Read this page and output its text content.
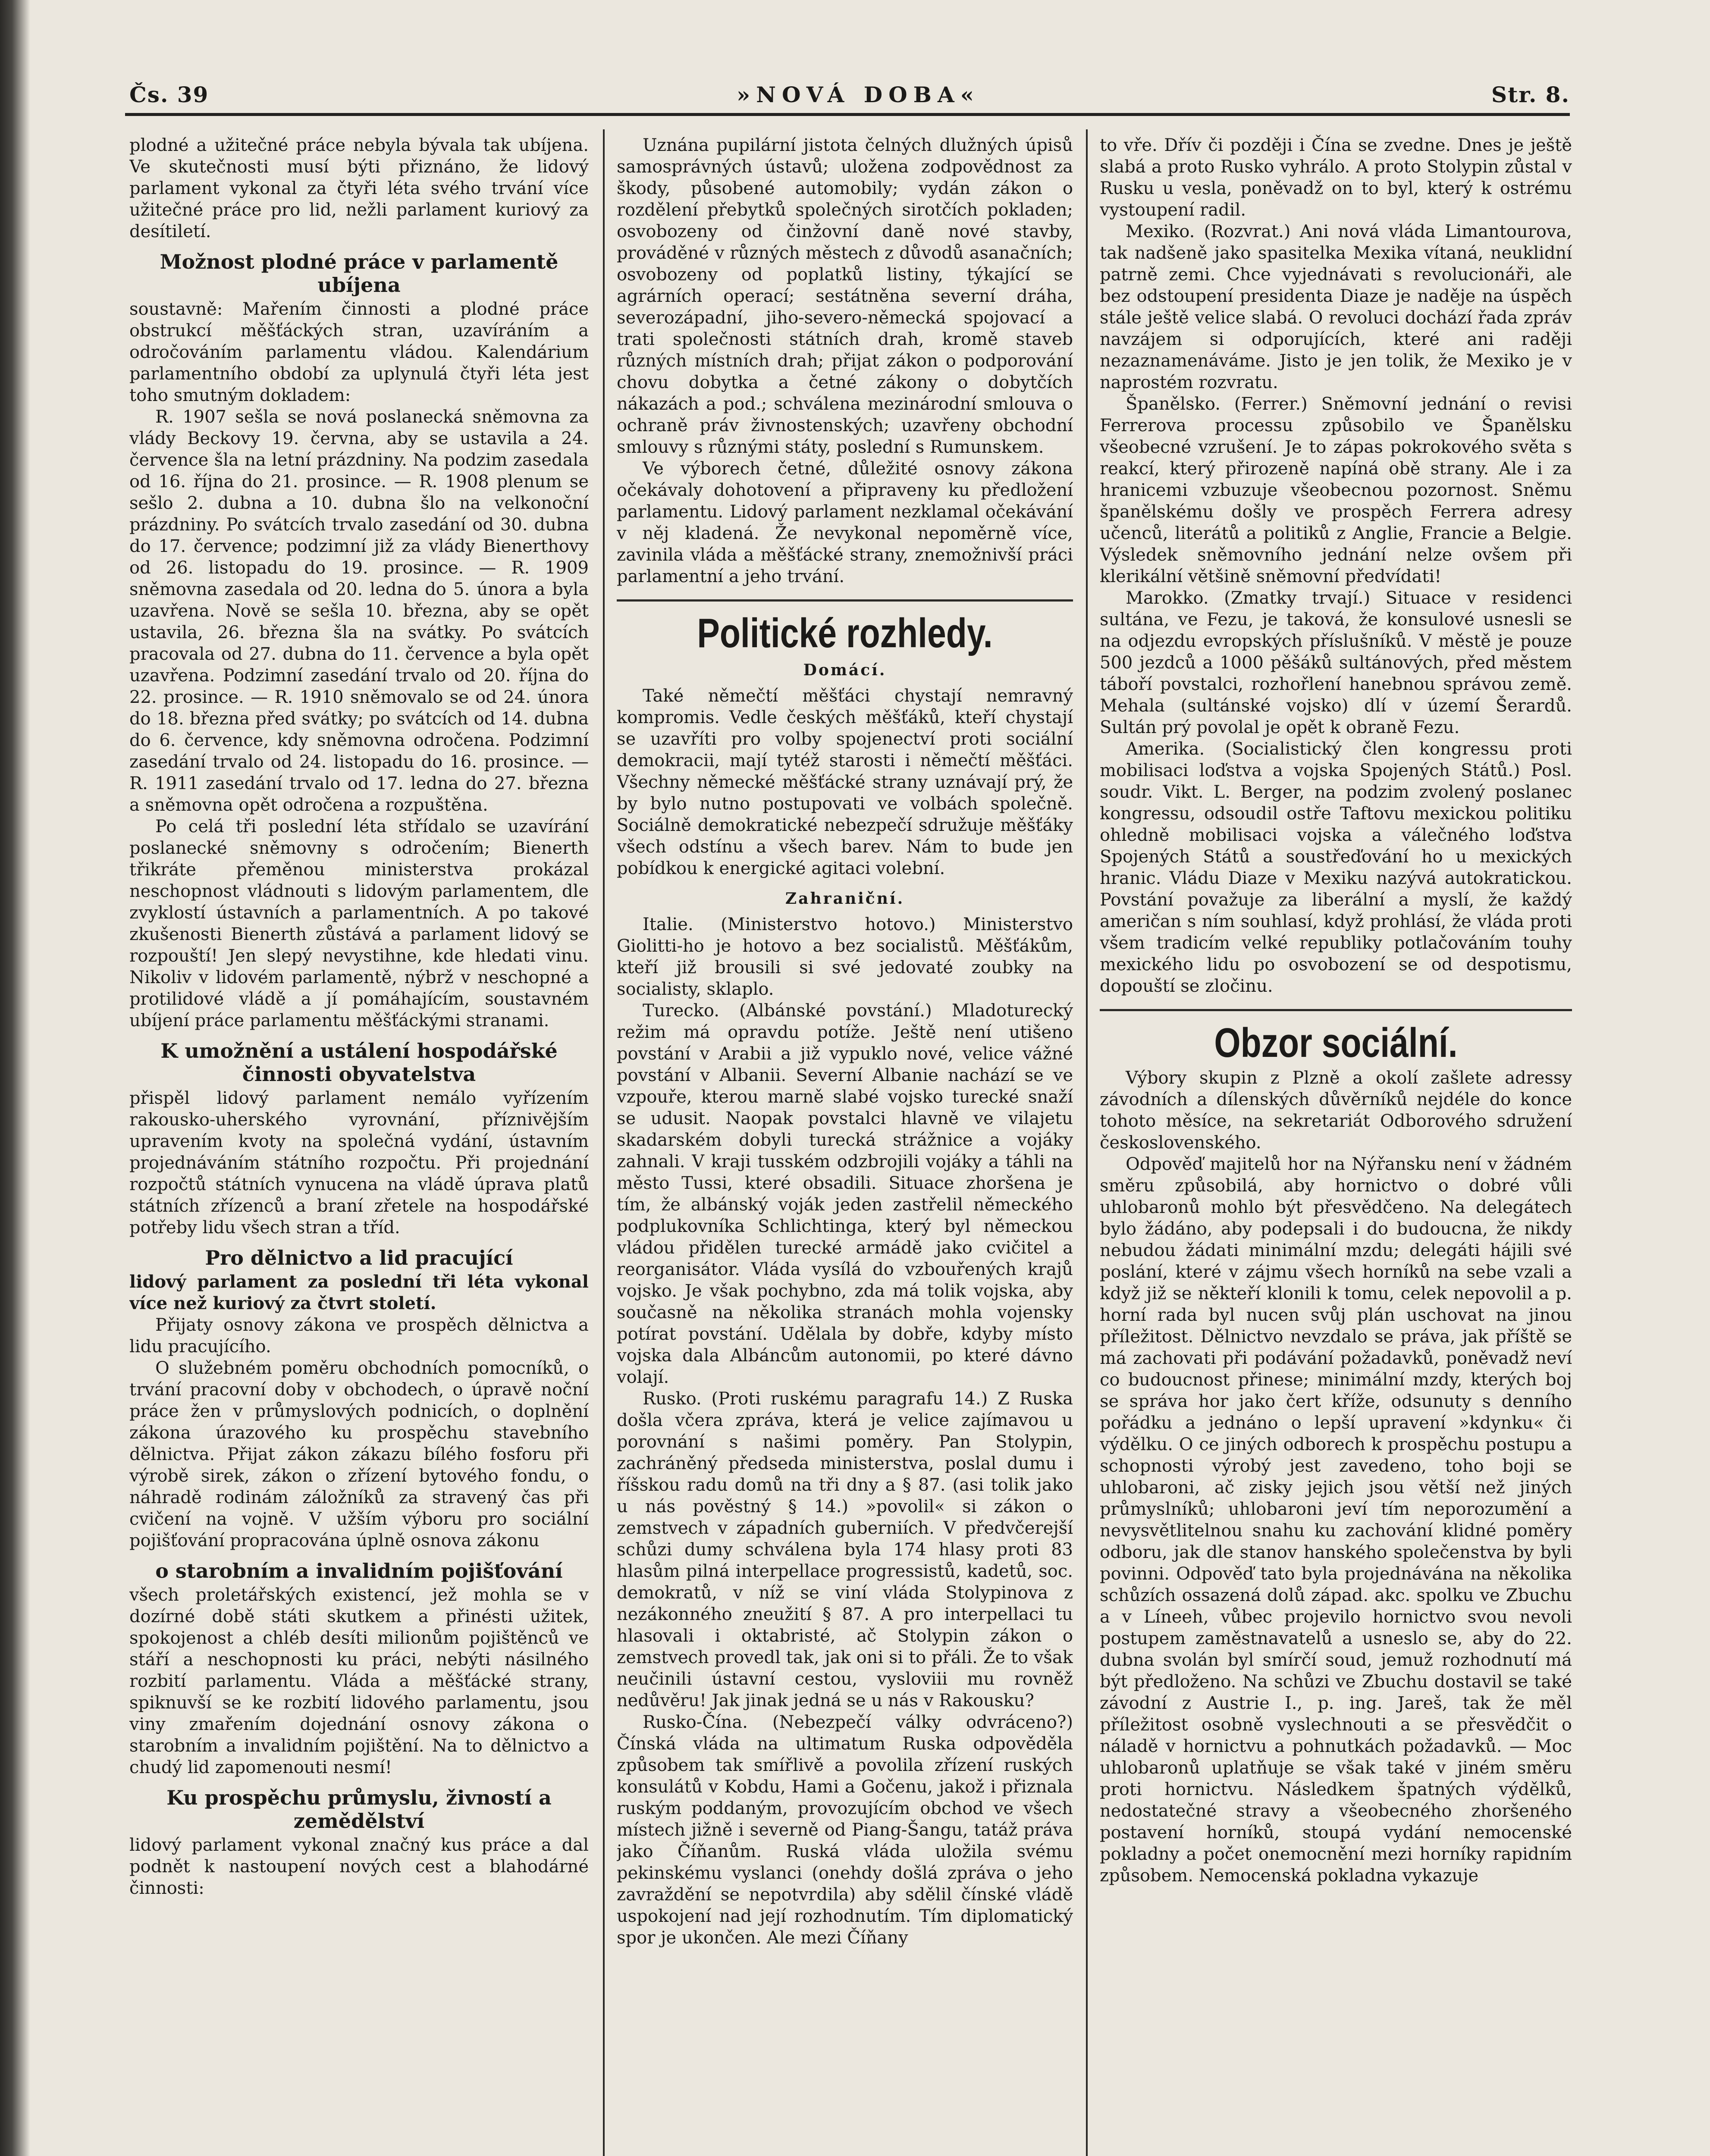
Čs. 39	»NOVÁ DOBA«	Str. 8.

plodné a užitečné práce nebyla bývala tak ubíjena. Ve skutečnosti musí býti přiznáno, že lidový parlament vykonal za čtyři léta svého trvání více užitečné práce pro lid, nežli parlament kuriový za desítiletí.

Možnost plodné práce v parlamentě ubíjena

soustavně: Mařením činnosti a plodné práce obstrukcí měšťáckých stran, uzavíráním a odročováním parlamentu vládou. Kalendárium parlamentního období za uplynulá čtyři léta jest toho smutným dokladem:

R. 1907 sešla se nová poslanecká sněmovna za vlády Beckovy 19. června, aby se ustavila a 24. července šla na letní prázdniny. Na podzim zasedala od 16. října do 21. prosince. — R. 1908 plenum se sešlo 2. dubna a 10. dubna šlo na velkonoční prázdniny. Po svátcích trvalo zasedání od 30. dubna do 17. července; podzimní již za vlády Bienerthovy od 26. listopadu do 19. prosince. — R. 1909 sněmovna zasedala od 20. ledna do 5. února a byla uzavřena. Nově se sešla 10. března, aby se opět ustavila, 26. března šla na svátky. Po svátcích pracovala od 27. dubna do 11. července a byla opět uzavřena. Podzimní zasedání trvalo od 20. října do 22. prosince. — R. 1910 sněmovalo se od 24. února do 18. března před svátky; po svátcích od 14. dubna do 6. července, kdy sněmovna odročena. Podzimní zasedání trvalo od 24. listopadu do 16. prosince. — R. 1911 zasedání trvalo od 17. ledna do 27. března a sněmovna opět odročena a rozpuštěna.

Po celá tři poslední léta střídalo se uzavírání poslanecké sněmovny s odročením; Bienerth třikráte přeměnou ministerstva prokázal neschopnost vládnouti s lidovým parlamentem, dle zvyklostí ústavních a parlamentních. A po takové zkušenosti Bienerth zůstává a parlament lidový se rozpouští! Jen slepý nevystihne, kde hledati vinu. Nikoliv v lidovém parlamentě, nýbrž v neschopné a protilidové vládě a jí pomáhajícím, soustavném ubíjení práce parlamentu měšťáckými stranami.

K umožnění a ustálení hospodářské činnosti obyvatelstva

přispěl lidový parlament nemálo vyřízením rakousko-uherského vyrovnání, příznivějším upravením kvoty na společná vydání, ústavním projednáváním státního rozpočtu. Při projednání rozpočtů státních vynucena na vládě úprava platů státních zřízenců a braní zřetele na hospodářské potřeby lidu všech stran a tříd.

Pro dělnictvo a lid pracující

lidový parlament za poslední tři léta vykonal více než kuriový za čtvrt století.

Přijaty osnovy zákona ve prospěch dělnictva a lidu pracujícího.

O služebném poměru obchodních pomocníků, o trvání pracovní doby v obchodech, o úpravě noční práce žen v průmyslových podnicích, o doplnění zákona úrazového ku prospěchu stavebního dělnictva. Přijat zákon zákazu bílého fosforu při výrobě sirek, zákon o zřízení bytového fondu, o náhradě rodinám záložníků za stravený čas při cvičení na vojně. V užším výboru pro sociální pojišťování propracována úplně osnova zákonu

o starobním a invalidním pojišťování

všech proletářských existencí, jež mohla se v dozírné době státi skutkem a přinésti užitek, spokojenost a chléb desíti milionům pojištěnců ve stáří a neschopnosti ku práci, nebýti násilného rozbití parlamentu. Vláda a měšťácké strany, spiknuvší se ke rozbití lidového parlamentu, jsou viny zmařením dojednání osnovy zákona o starobním a invalidním pojištění. Na to dělnictvo a chudý lid zapomenouti nesmí!

Ku prospěchu průmyslu, živností a zemědělství

lidový parlament vykonal značný kus práce a dal podnět k nastoupení nových cest a blahodárné činnosti:

Uznána pupilární jistota čelných dlužných úpisů samosprávných ústavů; uložena zodpovědnost za škody, působené automobily; vydán zákon o rozdělení přebytků společných sirotčích pokladen; osvobozeny od činžovní daně nové stavby, prováděné v různých městech z důvodů asanačních; osvobozeny od poplatků listiny, týkající se agrárních operací; sestátněna severní dráha, severozápadní, jiho-severo-německá spojovací a trati společnosti státních drah, kromě staveb různých místních drah; přijat zákon o podporování chovu dobytka a četné zákony o dobytčích nákazách a pod.; schválena mezinárodní smlouva o ochraně práv živnostenských; uzavřeny obchodní smlouvy s různými státy, poslední s Rumunskem.

Ve výborech četné, důležité osnovy zákona očekávaly dohotovení a připraveny ku předložení parlamentu. Lidový parlament nezklamal očekávání v něj kladená. Že nevykonal nepoměrně více, zavinila vláda a měšťácké strany, znemožnivší práci parlamentní a jeho trvání.

Politické rozhledy.
Domácí.

Také němečtí měšťáci chystají nemravný kompromis. Vedle českých měšťáků, kteří chystají se uzavříti pro volby spojenectví proti sociální demokracii, mají tytéž starosti i němečtí měšťáci. Všechny německé měšťácké strany uznávají prý, že by bylo nutno postupovati ve volbách společně. Sociálně demokratické nebezpečí sdružuje měšťáky všech odstínu a všech barev. Nám to bude jen pobídkou k energické agitaci volební.

Zahraniční.

Italie. (Ministerstvo hotovo.) Ministerstvo Giolitti-ho je hotovo a bez socialistů. Měšťákům, kteří již brousili si své jedovaté zoubky na socialisty, sklaplo.

Turecko. (Albánské povstání.) Mladoturecký režim má opravdu potíže. Ještě není utišeno povstání v Arabii a již vypuklo nové, velice vážné povstání v Albanii. Severní Albanie nachází se ve vzpouře, kterou marně slabé vojsko turecké snaží se udusit. Naopak povstalci hlavně ve vilajetu skadarském dobyli turecká strážnice a vojáky zahnali. V kraji tusském odzbrojili vojáky a táhli na město Tussi, které obsadili. Situace zhoršena je tím, že albánský voják jeden zastřelil německého podplukovníka Schlichtinga, který byl německou vládou přidělen turecké armádě jako cvičitel a reorganisátor. Vláda vysílá do vzbouřených krajů vojsko. Je však pochybno, zda má tolik vojska, aby současně na několika stranách mohla vojensky potírat povstání. Udělala by dobře, kdyby místo vojska dala Albáncům autonomii, po které dávno volají.

Rusko. (Proti ruskému paragrafu 14.) Z Ruska došla včera zpráva, která je velice zajímavou u porovnání s našimi poměry. Pan Stolypin, zachráněný předseda ministerstva, poslal dumu i říšskou radu domů na tři dny a § 87. (asi tolik jako u nás pověstný § 14.) »povolil« si zákon o zemstvech v západních guberniích. V předvčerejší schůzi dumy schválena byla 174 hlasy proti 83 hlasům pilná interpellace progressistů, kadetů, soc. demokratů, v níž se viní vláda Stolypinova z nezákonného zneužití § 87. A pro interpellaci tu hlasovali i oktabristé, ač Stolypin zákon o zemstvech provedl tak, jak oni si to přáli. Že to však neučinili ústavní cestou, vysloviii mu rovněž nedůvěru! Jak jinak jedná se u nás v Rakousku?

Rusko-Čína. (Nebezpečí války odvráceno?) Čínská vláda na ultimatum Ruska odpověděla způsobem tak smířlivě a povolila zřízení ruských konsulátů v Kobdu, Hami a Gočenu, jakož i přiznala ruským poddaným, provozujícím obchod ve všech místech jižně i severně od Piang-Šangu, tatáž práva jako Číňanům. Ruská vláda uložila svému pekinskému vyslanci (onehdy došlá zpráva o jeho zavraždění se nepotvrdila) aby sdělil čínské vládě uspokojení nad její rozhodnutím. Tím diplomatický spor je ukončen. Ale mezi Číňany

to vře. Dřív či později i Čína se zvedne. Dnes je ještě slabá a proto Rusko vyhrálo. A proto Stolypin zůstal v Rusku u vesla, poněvadž on to byl, který k ostrému vystoupení radil.

Mexiko. (Rozvrat.) Ani nová vláda Limantourova, tak nadšeně jako spasitelka Mexika vítaná, neuklidní patrně zemi. Chce vyjednávati s revolucionáři, ale bez odstoupení presidenta Diaze je naděje na úspěch stále ještě velice slabá. O revoluci dochází řada zpráv navzájem si odporujících, které ani raději nezaznamenáváme. Jisto je jen tolik, že Mexiko je v naprostém rozvratu.

Španělsko. (Ferrer.) Sněmovní jednání o revisi Ferrerova processu způsobilo ve Španělsku všeobecné vzrušení. Je to zápas pokrokového světa s reakcí, který přirozeně napíná obě strany. Ale i za hranicemi vzbuzuje všeobecnou pozornost. Sněmu španělskému došly ve prospěch Ferrera adresy učenců, literátů a politiků z Anglie, Francie a Belgie. Výsledek sněmovního jednání nelze ovšem při klerikální většině sněmovní předvídati!

Marokko. (Zmatky trvají.) Situace v residenci sultána, ve Fezu, je taková, že konsulové usnesli se na odjezdu evropských příslušníků. V městě je pouze 500 jezdců a 1000 pěšáků sultánových, před městem táboří povstalci, rozhořlení hanebnou správou země. Mehala (sultánské vojsko) dlí v území Šerardů. Sultán prý povolal je opět k obraně Fezu.

Amerika. (Socialistický člen kongressu proti mobilisaci loďstva a vojska Spojených Států.) Posl. soudr. Vikt. L. Berger, na podzim zvolený poslanec kongressu, odsoudil ostře Taftovu mexickou politiku ohledně mobilisaci vojska a válečného loďstva Spojených Států a soustřeďování ho u mexických hranic. Vládu Diaze v Mexiku nazývá autokratickou. Povstání považuje za liberální a myslí, že každý američan s ním souhlasí, když prohlásí, že vláda proti všem tradicím velké republiky potlačováním touhy mexického lidu po osvobození se od despotismu, dopouští se zločinu.

Obzor sociální.

Výbory skupin z Plzně a okolí zašlete adressy závodních a dílenských důvěrníků nejdéle do konce tohoto měsíce, na sekretariát Odborového sdružení československého.

Odpověď majitelů hor na Nýřansku není v žádném směru způsobilá, aby hornictvo o dobré vůli uhlobaronů mohlo být přesvědčeno. Na delegátech bylo žádáno, aby podepsali i do budoucna, že nikdy nebudou žádati minimální mzdu; delegáti hájili své poslání, které v zájmu všech horníků na sebe vzali a když již se někteří klonili k tomu, celek nepovolil a p. horní rada byl nucen svůj plán uschovat na jinou příležitost. Dělnictvo nevzdalo se práva, jak příště se má zachovati při podávání požadavků, poněvadž neví co budoucnost přinese; minimální mzdy, kterých boj se správa hor jako čert kříže, odsunuty s denního pořádku a jednáno o lepší upravení »kdynku« či výdělku. O ce jiných odborech k prospěchu postupu a schopnosti výrobý jest zavedeno, toho boji se uhlobaroni, ač zisky jejich jsou větší než jiných průmyslníků; uhlobaroni jeví tím neporozumění a nevysvětlitelnou snahu ku zachování klidné poměry odboru, jak dle stanov hanského společenstva by byli povinni. Odpověď tato byla projednávána na několika schůzích ossazená dolů západ. akc. spolku ve Zbuchu a v Líneeh, vůbec projevilo hornictvo svou nevoli postupem zaměstnavatelů a usneslo se, aby do 22. dubna svolán byl smírčí soud, jemuž rozhodnutí má být předloženo. Na schůzi ve Zbuchu dostavil se také závodní z Austrie I., p. ing. Jareš, tak že měl příležitost osobně vyslechnouti a se přesvědčit o náladě v hornictvu a pohnutkách požadavků. — Moc uhlobaronů uplatňuje se však také v jiném směru proti hornictvu. Následkem špatných výdělků, nedostatečné stravy a všeobecného zhoršeného postavení horníků, stoupá vydání nemocenské pokladny a počet onemocnění mezi horníky rapidním způsobem. Nemocenská pokladna vykazuje
